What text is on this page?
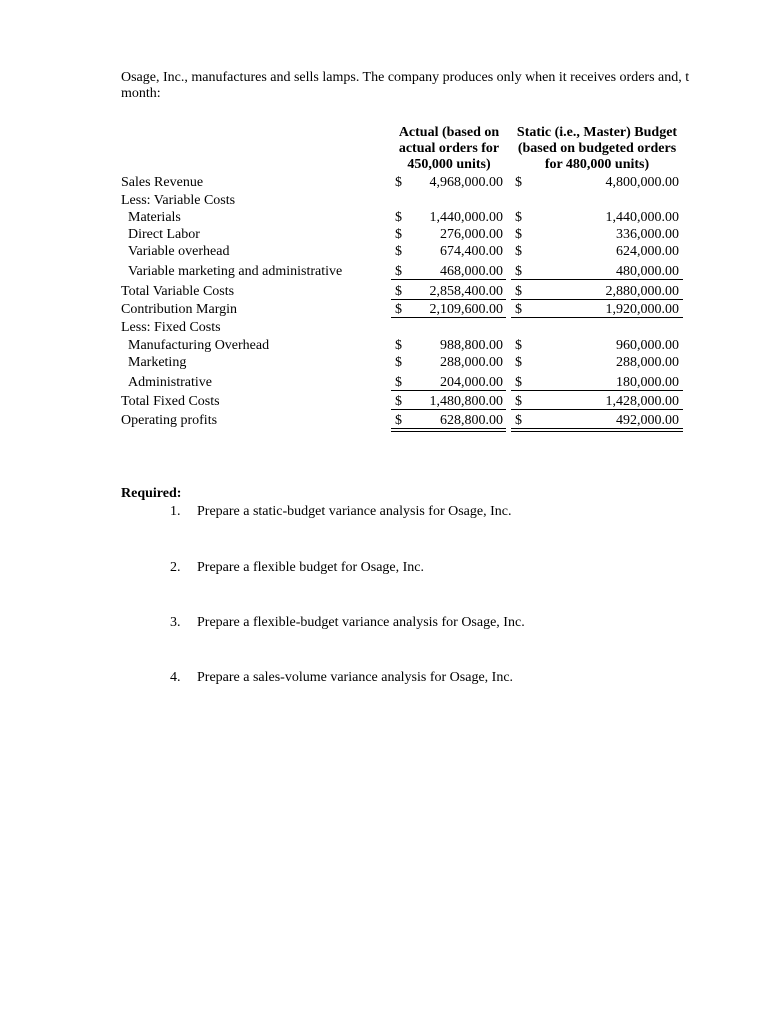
Osage, Inc., manufactures and sells lamps. The company produces only when it receives orders and, t
month:
Actual (based on
actual orders for
450,000 units)
Static (i.e., Master) Budget
(based on budgeted orders
for 480,000 units)
Sales Revenue	$	4,968,000.00 $	4,800,000.00
Less: Variable Costs
Materials	$	1,440,000.00 $	1,440,000.00
Direct Labor	$	276,000.00 $	336,000.00
Variable overhead	$	674,400.00 $	624,000.00
Variable marketing and administrative	$	468,000.00 $	480,000.00
Total Variable Costs	$	2,858,400.00 $	2,880,000.00
Contribution Margin	$	2,109,600.00 $	1,920,000.00
Less: Fixed Costs
Manufacturing Overhead	$	988,800.00 $	960,000.00
Marketing	$	288,000.00 $	288,000.00
Administrative	$	204,000.00 $	180,000.00
Total Fixed Costs	$	1,480,800.00 $	1,428,000.00
Operating profits	$	628,800.00 $	492,000.00
Required:
1. Prepare a static-budget variance analysis for Osage, Inc.
2. Prepare a flexible budget for Osage, Inc.
3. Prepare a flexible-budget variance analysis for Osage, Inc.
4. Prepare a sales-volume variance analysis for Osage, Inc.
